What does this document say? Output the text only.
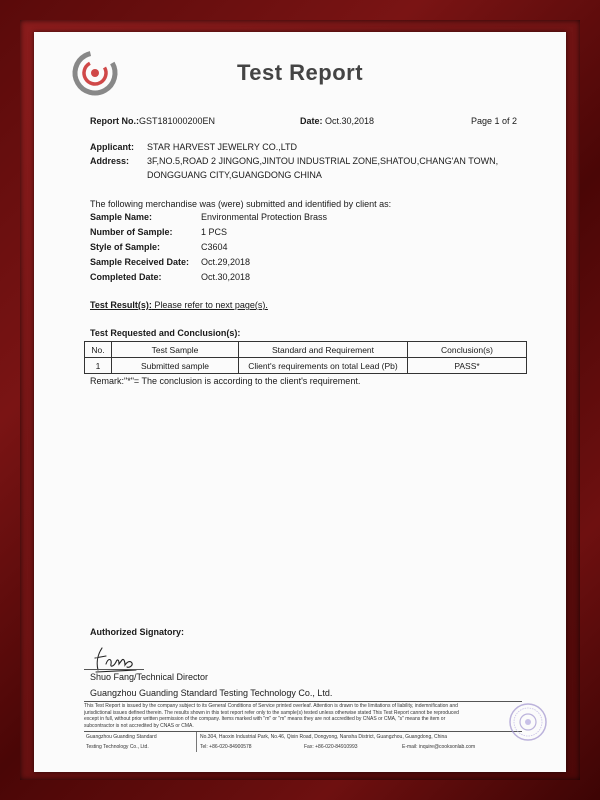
Test Report
Report No.:GST181000200EN	Date: Oct.30,2018	Page 1 of 2
Applicant: STAR HARVEST JEWELRY CO.,LTD
Address: 3F,NO.5,ROAD 2 JINGONG,JINTOU INDUSTRIAL ZONE,SHATOU,CHANG'AN TOWN,
DONGGUANG CITY,GUANGDONG CHINA
The following merchandise was (were) submitted and identified by client as:
Sample Name:	Environmental Protection Brass
Number of Sample:	1 PCS
Style of Sample:	C3604
Sample Received Date: Oct.29,2018
Completed Date:	Oct.30,2018
Test Result(s): Please refer to next page(s).
Test Requested and Conclusion(s):
No.	Test Sample	Standard and Requirement	Conclusion(s)
1	Submitted sample	Client's requirements on total Lead (Pb)	PASS*
Remark:"*"= The conclusion is according to the client's requirement.
Authorized Signatory:
Shuo Fang/Technical Director
Guangzhou Guanding Standard Testing Technology Co., Ltd.
This Test Report is issued by the company subject to its General Conditions of Service printed overleaf. Attention is drawn to the limitations of liability, indemnification and
jurisdictional issues defined therein. The results shown in this test report refer only to the sample(s) tested unless otherwise stated This Test Report cannot be reproduced
except in full, without prior written permission of the company. Items marked with "m" or "m" means they are not accredited by CNAS or CMA, "s" means the item or
subcontractor is not accredited by CNAS or CMA.
Guangzhou Guanding Standard
Testing Technology Co., Ltd.
No.304, Haoxin Industrial Park, No.46, Qixin Road, Dongyong, Nansha District, Guangzhou, Guangdong, China
Tel: +86-020-84900578	Fax: +86-020-84910993	E-mail: inquire@cooksonlab.com
